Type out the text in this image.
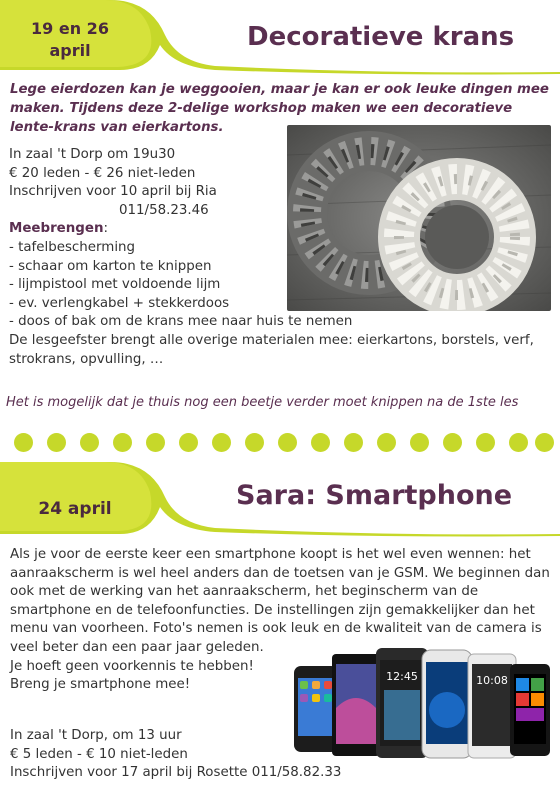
19 en 26
april	Decoratieve krans
Lege eierdozen kan je weggooien, maar je kan er ook leuke dingen mee maken. Tijdens deze 2-delige workshop maken we een decoratieve lente-krans van eierkartons.
In zaal 't Dorp om 19u30
€ 20 leden - € 26 niet-leden
Inschrijven voor 10 april bij Ria
011/58.23.46
Meebrengen:
- tafelbescherming
- schaar om karton te knippen
- lijmpistool met voldoende lijm
- ev. verlengkabel + stekkerdoos
- doos of bak om de krans mee naar huis te nemen
De lesgeefster brengt alle overige materialen mee: eierkartons, borstels, verf,
strokrans, opvulling, …
Het is mogelijk dat je thuis nog een beetje verder moet knippen na de 1ste les
24 april	Sara: Smartphone
Als je voor de eerste keer een smartphone koopt is het wel even wennen: het
aanraakscherm is wel heel anders dan de toetsen van je GSM. We beginnen dan
ook met de werking van het aanraakscherm, het beginscherm van de
smartphone en de telefoonfuncties. De instellingen zijn gemakkelijker dan het
menu van voorheen. Foto's nemen is ook leuk en de kwaliteit van de camera is
veel beter dan een paar jaar geleden.
Je hoeft geen voorkennis te hebben!
Breng je smartphone mee!
In zaal 't Dorp, om 13 uur
€ 5 leden - € 10 niet-leden
Inschrijven voor 17 april bij Rosette 011/58.82.33
12:45	10:08
